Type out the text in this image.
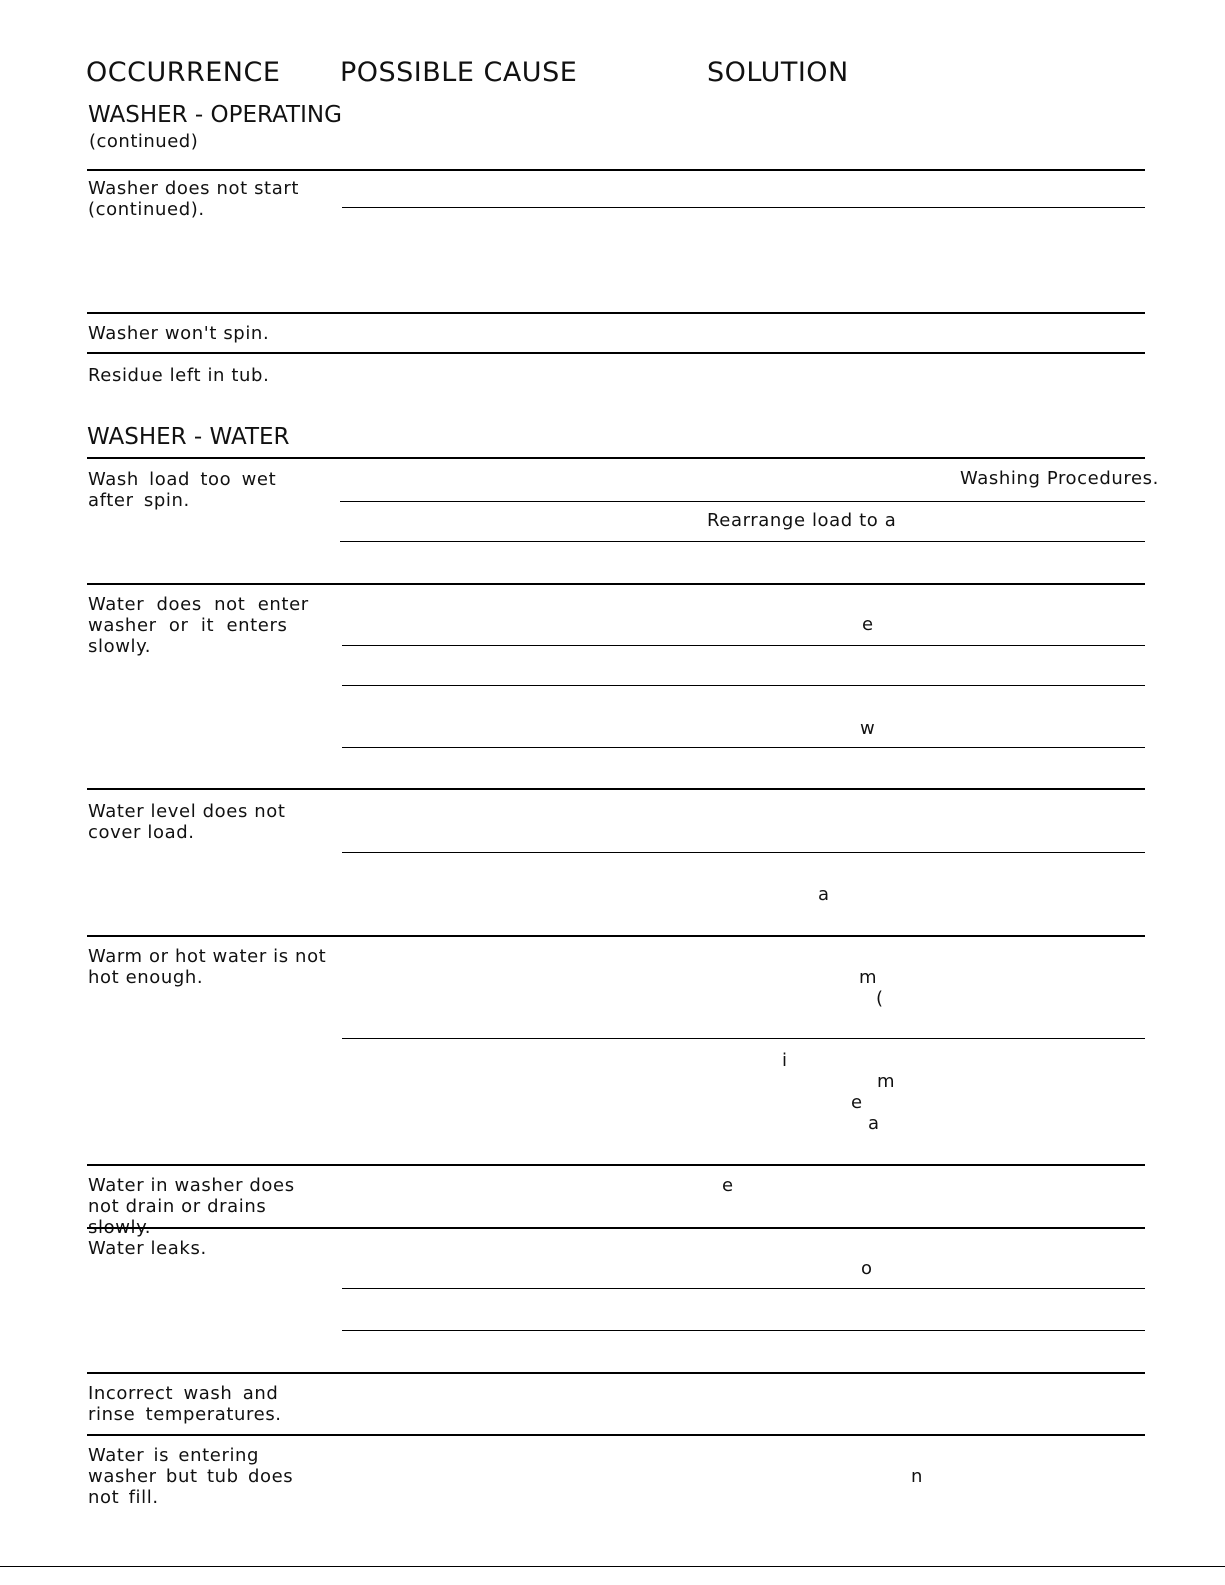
OCCURRENCE POSSIBLE CAUSE	SOLUTION
WASHER - OPERATING
(continued)
Washer does not start (continued).
Washer won't spin.
Residue left in tub.
WASHER - WATER
Wash load too wet after spin.
Washing Procedures.
Rearrange load to a
Water does not enter washer or it enters slowly.
e
w
Water level does not cover load.
a
Warm or hot water is not hot enough.	m
(
i
m
e
a
Water in washer does not drain or drains slowly.
e
Water leaks.
o
Incorrect wash and rinse temperatures.
Water is entering washer but tub does not fill.
n
